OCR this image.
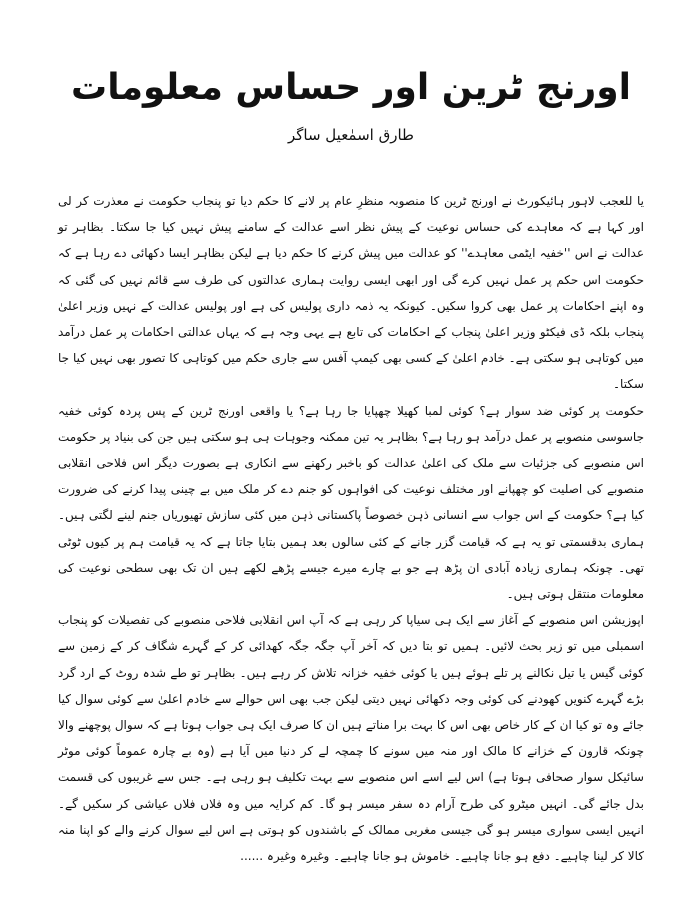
اورنج ٹرین اور حساس معلومات
طارق اسمٰعیل ساگر

یا للعجب لاہور ہائیکورٹ نے اورنج ٹرین کا منصوبہ منظرِ عام پر لانے کا حکم دیا تو پنجاب حکومت نے معذرت کر لی اور کہا ہے کہ معاہدے کی حساس نوعیت کے پیش نظر اسے عدالت کے سامنے پیش نہیں کیا جا سکتا۔ بظاہر تو عدالت نے اس ''خفیہ ایٹمی معاہدے'' کو عدالت میں پیش کرنے کا حکم دیا ہے لیکن بظاہر ایسا دکھائی دے رہا ہے کہ حکومت اس حکم پر عمل نہیں کرے گی اور ابھی ایسی روایت ہماری عدالتوں کی طرف سے قائم نہیں کی گئی کہ وہ اپنے احکامات پر عمل بھی کروا سکیں۔ کیونکہ یہ ذمہ داری پولیس کی ہے اور پولیس عدالت کے نہیں وزیر اعلیٰ پنجاب بلکہ ڈی فیکٹو وزیر اعلیٰ پنجاب کے احکامات کی تابع ہے یہی وجہ ہے کہ یہاں عدالتی احکامات پر عمل درآمد میں کوتاہی ہو سکتی ہے۔ خادم اعلیٰ کے کسی بھی کیمپ آفس سے جاری حکم میں کوتاہی کا تصور بھی نہیں کیا جا سکتا۔

حکومت پر کوئی ضد سوار ہے؟ کوئی لمبا کھیلا چھپایا جا رہا ہے؟ یا واقعی اورنج ٹرین کے پس پردہ کوئی خفیہ جاسوسی منصوبے پر عمل درآمد ہو رہا ہے؟ بظاہر یہ تین ممکنہ وجوہات ہی ہو سکتی ہیں جن کی بنیاد پر حکومت اس منصوبے کی جزئیات سے ملک کی اعلیٰ عدالت کو باخبر رکھنے سے انکاری ہے بصورت دیگر اس فلاحی انقلابی منصوبے کی اصلیت کو چھپانے اور مختلف نوعیت کی افواہوں کو جنم دے کر ملک میں بے چینی پیدا کرنے کی ضرورت کیا ہے؟ حکومت کے اس جواب سے انسانی ذہن خصوصاً پاکستانی ذہن میں کئی سازش تھیوریاں جنم لینے لگتی ہیں۔ ہماری بدقسمتی تو یہ ہے کہ قیامت گزر جانے کے کئی سالوں بعد ہمیں بتایا جاتا ہے کہ یہ قیامت ہم پر کیوں ٹوٹی تھی۔ چونکہ ہماری زیادہ آبادی ان پڑھ ہے جو بے چارے میرے جیسے پڑھے لکھے ہیں ان تک بھی سطحی نوعیت کی معلومات منتقل ہوتی ہیں۔

اپوزیشن اس منصوبے کے آغاز سے ایک ہی سیاپا کر رہی ہے کہ آپ اس انقلابی فلاحی منصوبے کی تفصیلات کو پنجاب اسمبلی میں تو زیر بحث لائیں۔ ہمیں تو بتا دیں کہ آخر آپ جگہ جگہ کھدائی کر کے گہرے شگاف کر کے زمین سے کوئی گیس یا تیل نکالنے پر تلے ہوئے ہیں یا کوئی خفیہ خزانہ تلاش کر رہے ہیں۔ بظاہر تو طے شدہ روٹ کے ارد گرد بڑے گہرے کنویں کھودنے کی کوئی وجہ دکھائی نہیں دیتی لیکن جب بھی اس حوالے سے خادم اعلیٰ سے کوئی سوال کیا جائے وہ تو کیا ان کے کار خاص بھی اس کا بہت برا مناتے ہیں ان کا صرف ایک ہی جواب ہوتا ہے کہ سوال پوچھنے والا چونکہ قارون کے خزانے کا مالک اور منہ میں سونے کا چمچہ لے کر دنیا میں آیا ہے (وہ بے چارہ عموماً کوئی موٹر سائیکل سوار صحافی ہوتا ہے) اس لیے اسے اس منصوبے سے بہت تکلیف ہو رہی ہے۔ جس سے غریبوں کی قسمت بدل جائے گی۔ انہیں میٹرو کی طرح آرام دہ سفر میسر ہو گا۔ کم کرایہ میں وہ فلاں فلاں عیاشی کر سکیں گے۔ انہیں ایسی سواری میسر ہو گی جیسی مغربی ممالک کے باشندوں کو ہوتی ہے اس لیے سوال کرنے والے کو اپنا منہ کالا کر لینا چاہیے۔ دفع ہو جانا چاہیے۔ خاموش ہو جانا چاہیے۔ وغیرہ وغیرہ ......
